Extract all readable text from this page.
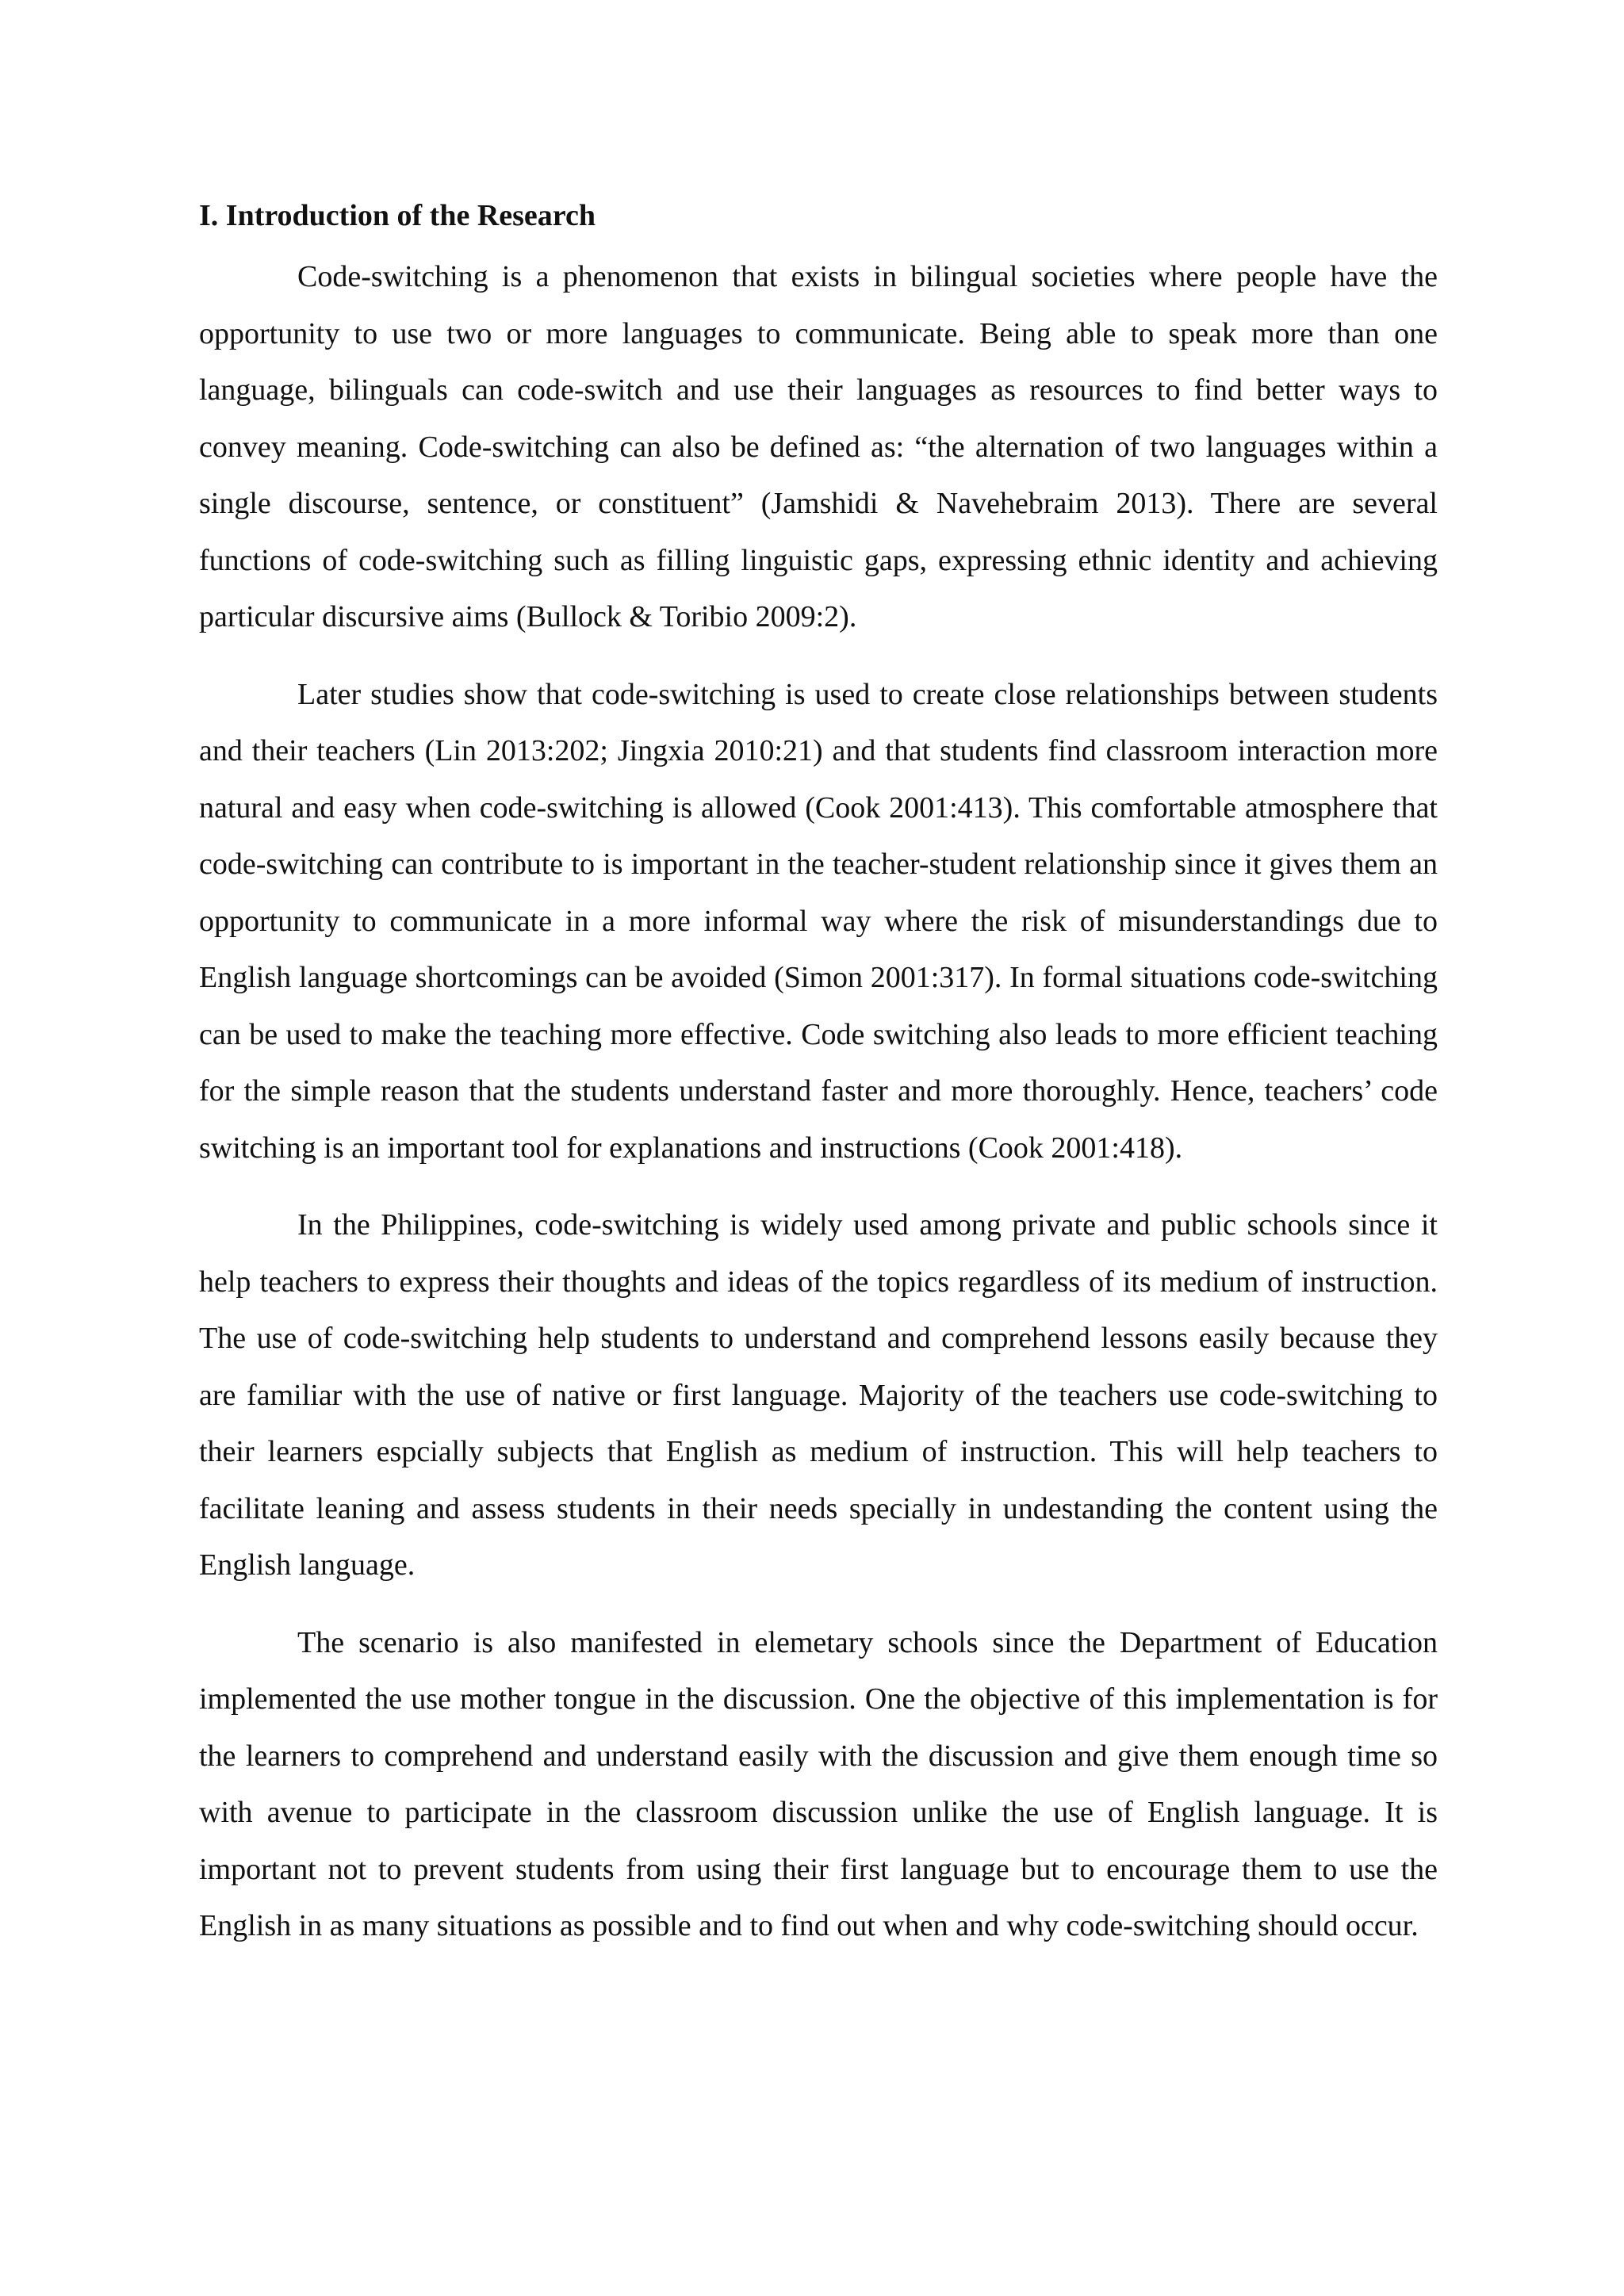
I. Introduction of the Research

Code-switching is a phenomenon that exists in bilingual societies where people have the opportunity to use two or more languages to communicate. Being able to speak more than one language, bilinguals can code-switch and use their languages as resources to find better ways to convey meaning. Code-switching can also be defined as: “the alternation of two languages within a single discourse, sentence, or constituent” (Jamshidi & Navehebraim 2013). There are several functions of code-switching such as filling linguistic gaps, expressing ethnic identity and achieving particular discursive aims (Bullock & Toribio 2009:2).

Later studies show that code-switching is used to create close relationships between students and their teachers (Lin 2013:202; Jingxia 2010:21) and that students find classroom interaction more natural and easy when code-switching is allowed (Cook 2001:413). This comfortable atmosphere that code-switching can contribute to is important in the teacher-student relationship since it gives them an opportunity to communicate in a more informal way where the risk of misunderstandings due to English language shortcomings can be avoided (Simon 2001:317). In formal situations code-switching can be used to make the teaching more effective. Code switching also leads to more efficient teaching for the simple reason that the students understand faster and more thoroughly. Hence, teachers’ code switching is an important tool for explanations and instructions (Cook 2001:418).

In the Philippines, code-switching is widely used among private and public schools since it help teachers to express their thoughts and ideas of the topics regardless of its medium of instruction. The use of code-switching help students to understand and comprehend lessons easily because they are familiar with the use of native or first language. Majority of the teachers use code-switching to their learners espcially subjects that English as medium of instruction. This will help teachers to facilitate leaning and assess students in their needs specially in undestanding the content using the English language.

The scenario is also manifested in elemetary schools since the Department of Education implemented the use mother tongue in the discussion. One the objective of this implementation is for the learners to comprehend and understand easily with the discussion and give them enough time so with avenue to participate in the classroom discussion unlike the use of English language. It is important not to prevent students from using their first language but to encourage them to use the English in as many situations as possible and to find out when and why code-switching should occur.
